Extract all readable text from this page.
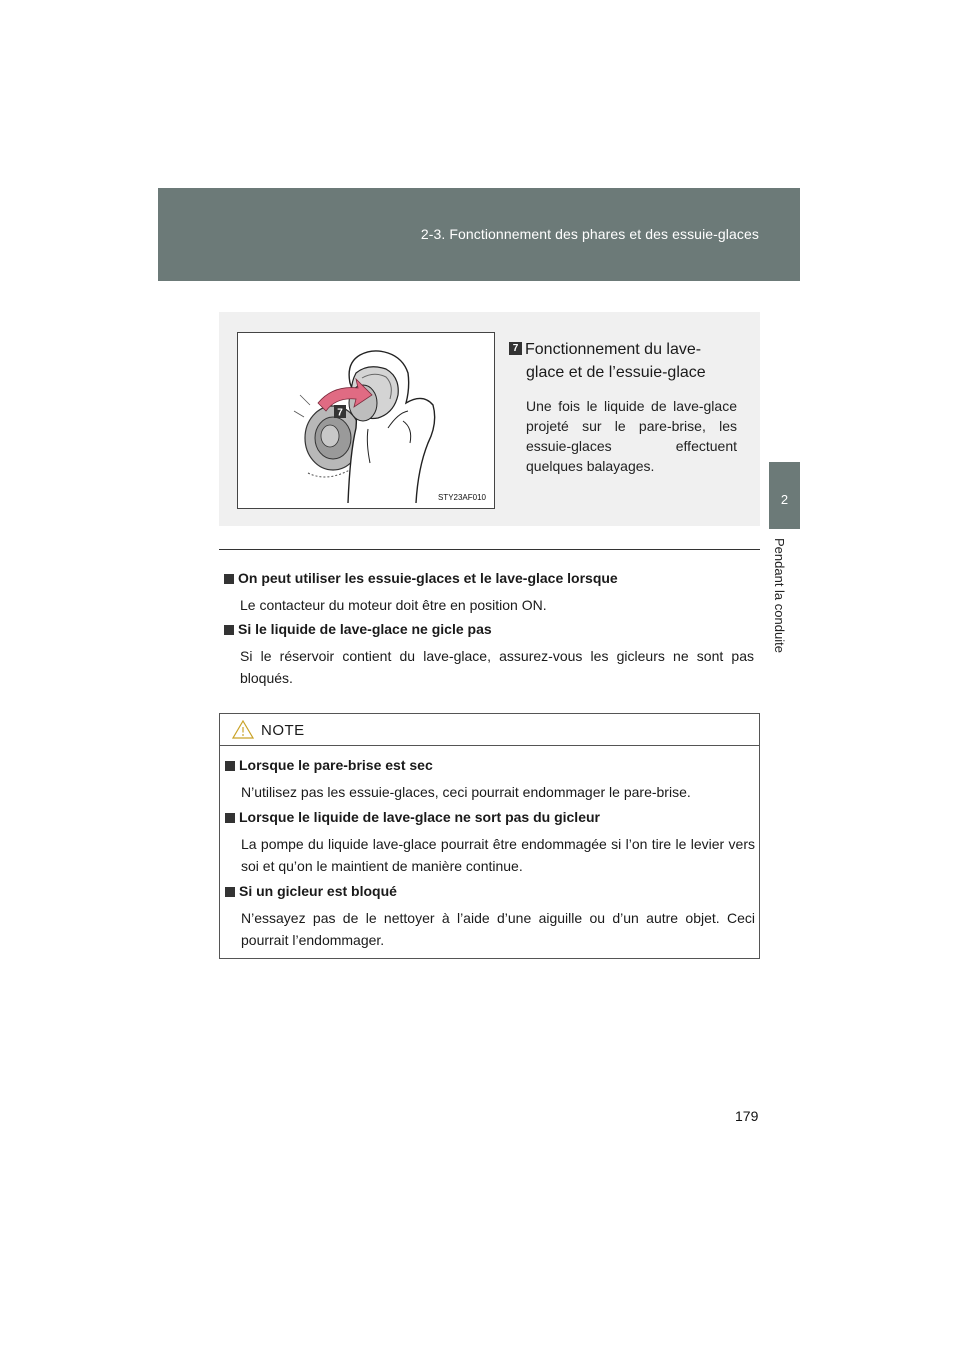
2-3. Fonctionnement des phares et des essuie-glaces
2
Pendant la conduite
7
STY23AF010

7 Fonctionnement du lave-
glace et de l’essuie-glace

Une fois le liquide de lave-glace projeté sur le pare-brise, les essuie-glaces effectuent quelques balayages.

On peut utiliser les essuie-glaces et le lave-glace lorsque

Le contacteur du moteur doit être en position ON.

Si le liquide de lave-glace ne gicle pas

Si le réservoir contient du lave-glace, assurez-vous les gicleurs ne sont pas bloqués.

NOTE

Lorsque le pare-brise est sec

N’utilisez pas les essuie-glaces, ceci pourrait endommager le pare-brise.

Lorsque le liquide de lave-glace ne sort pas du gicleur

La pompe du liquide lave-glace pourrait être endommagée si l’on tire le levier vers soi et qu’on le maintient de manière continue.

Si un gicleur est bloqué

N’essayez pas de le nettoyer à l’aide d’une aiguille ou d’un autre objet. Ceci pourrait l’endommager.

179
